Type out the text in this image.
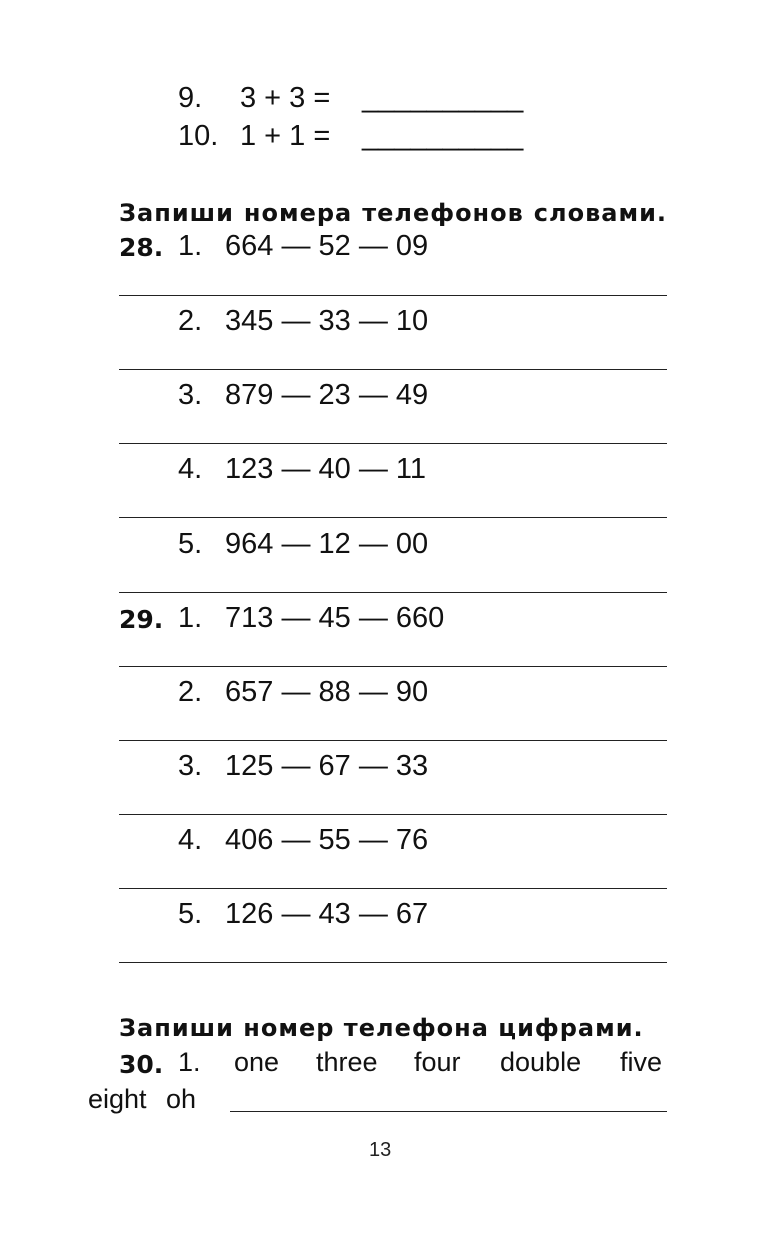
9. 3 + 3 = __________
10. 1 + 1 = __________
Запиши номера телефонов словами.
28. 1. 664 — 52 — 09
2. 345 — 33 — 10
3. 879 — 23 — 49
4. 123 — 40 — 11
5. 964 — 12 — 00
29. 1. 713 — 45 — 660
2. 657 — 88 — 90
3. 125 — 67 — 33
4. 406 — 55 — 76
5. 126 — 43 — 67
Запиши номер телефона цифрами.
30. 1. one three four double five
eight oh
13
